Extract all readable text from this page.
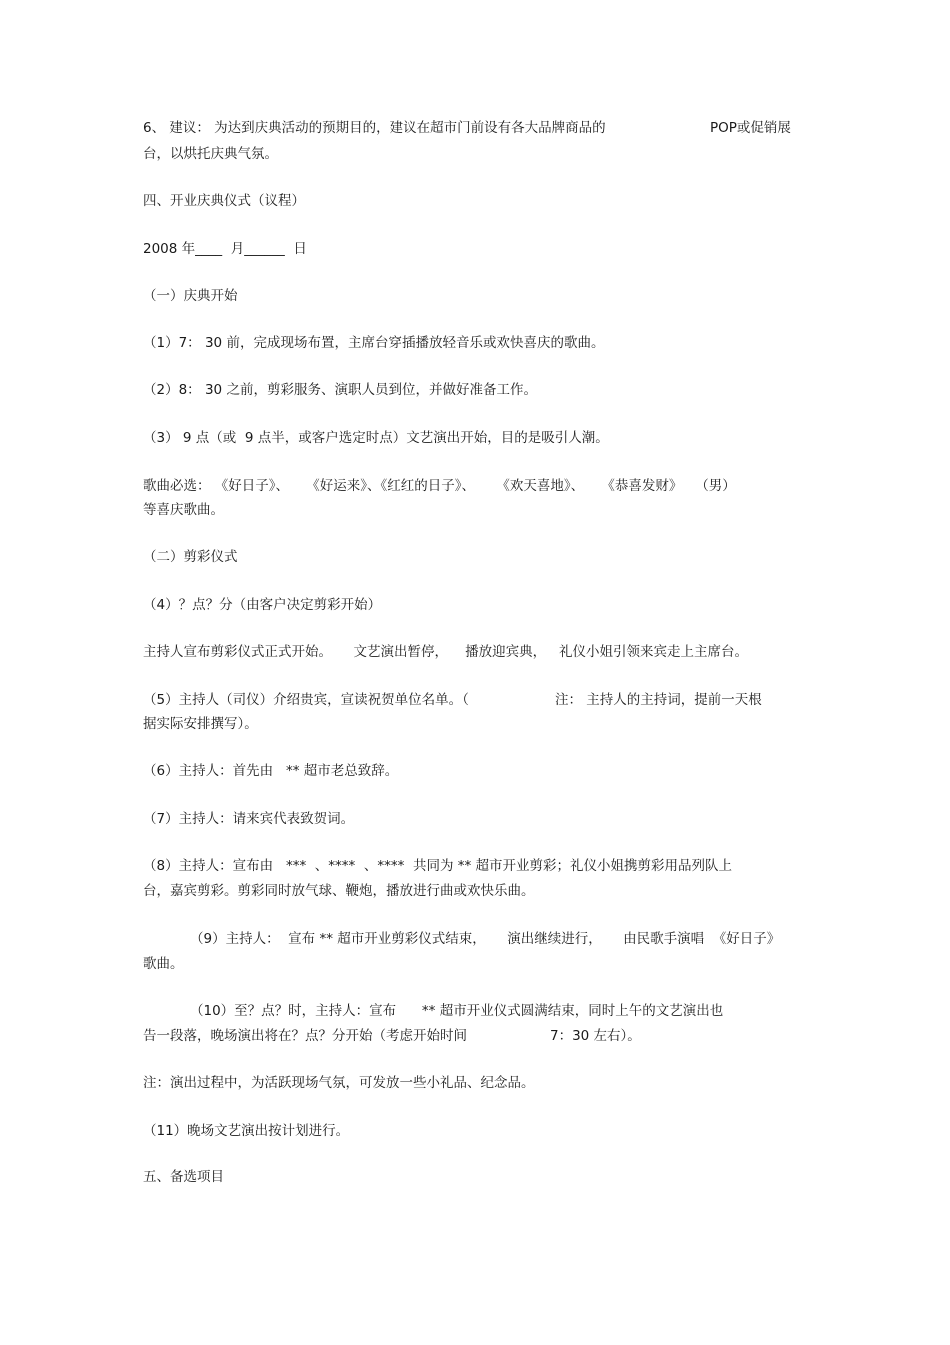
6、 建议： 为达到庆典活动的预期目的，建议在超市门前设有各大品牌商品的	POP或促销展
台，以烘托庆典气氛。
四、开业庆典仪式（议程）
2008 年____  月______  日
（一）庆典开始
（1）7： 30 前，完成现场布置，主席台穿插播放轻音乐或欢快喜庆的歌曲。
（2）8： 30 之前，剪彩服务、演职人员到位，并做好准备工作。
（3） 9 点（或  9 点半，或客户选定时点）文艺演出开始，目的是吸引人潮。
歌曲必选： 《好日子》、    《好运来》、《红红的日子》、     《欢天喜地》、    《恭喜发财》   （男）
等喜庆歌曲。
（二）剪彩仪式
（4）？点？分（由客户决定剪彩开始）
主持人宣布剪彩仪式正式开始。     文艺演出暂停，    播放迎宾典，   礼仪小姐引领来宾走上主席台。
（5）主持人（司仪）介绍贵宾，宣读祝贺单位名单。（	注： 主持人的主持词，提前一天根
据实际安排撰写）。
（6）主持人：首先由   ** 超市老总致辞。
（7）主持人：请来宾代表致贺词。
（8）主持人：宣布由   ***  、****  、****  共同为 ** 超市开业剪彩；礼仪小姐携剪彩用品列队上
台，嘉宾剪彩。剪彩同时放气球、鞭炮，播放进行曲或欢快乐曲。
（9）主持人：  宣布 ** 超市开业剪彩仪式结束，     演出继续进行，     由民歌手演唱  《好日子》
歌曲。
（10）至？点？时，主持人：宣布      ** 超市开业仪式圆满结束，同时上午的文艺演出也
告一段落，晚场演出将在？点？分开始（考虑开始时间	7：30 左右）。
注：演出过程中，为活跃现场气氛，可发放一些小礼品、纪念品。
（11）晚场文艺演出按计划进行。
五、备选项目
